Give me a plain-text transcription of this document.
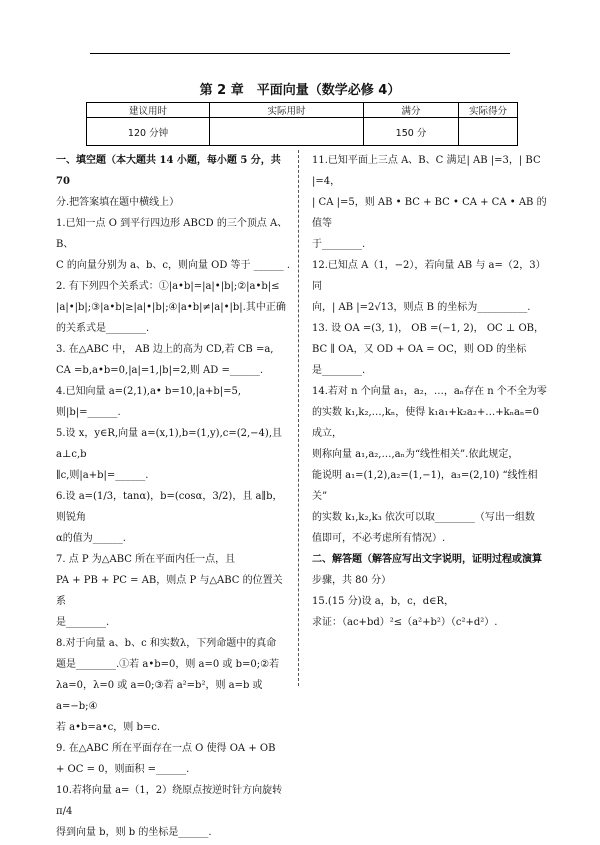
第 2 章　平面向量（数学必修 4）
建议用时	实际用时	满分	实际得分
120 分钟		150 分	

一、填空题（本大题共 14 小题，每小题 5 分，共 70

分.把答案填在题中横线上）

1.已知一点 O 到平行四边形 ABCD 的三个顶点 A、B、

C 的向量分别为 a、b、c，则向量 OD 等于 ______ .

2. 有下列四个关系式：①|a•b|=|a|•|b|;②|a•b|≤

|a|•|b|;③|a•b|≥|a|•|b|;④|a•b|≠|a|•|b|.其中正确

的关系式是________.

3. 在△ABC 中， AB 边上的高为 CD,若 CB =a,

CA =b,a•b=0,|a|=1,|b|=2,则 AD =______.

4.已知向量 a=(2,1),a• b=10,|a+b|=5,则|b|=______.

5.设 x，y∈R,向量 a=(x,1),b=(1,y),c=(2,−4),且 a⊥c,b

∥c,则|a+b|=______.

6.设 a=(1/3，tanα)，b=(cosα，3/2)，且 a∥b，则锐角

α的值为______.

7. 点 P 为△ABC 所在平面内任一点，且

PA + PB + PC = AB，则点 P 与△ABC 的位置关系

是________.

8.对于向量 a、b、c 和实数λ，下列命题中的真命

题是________.①若 a•b=0，则 a=0 或 b=0;②若

λa=0，λ=0 或 a=0;③若 a²=b²，则 a=b 或 a=−b;④

若 a•b=a•c，则 b=c.

9. 在△ABC 所在平面存在一点 O 使得 OA + OB

+ OC = 0，则面积 =______.

10.若将向量 a=（1，2）绕原点按逆时针方向旋转 π/4

得到向量 b，则 b 的坐标是______.

11.已知平面上三点 A、B、C 满足| AB |=3，| BC |=4，

| CA |=5，则 AB • BC + BC • CA + CA • AB 的值等

于________.

12.已知点 A（1，−2），若向量 AB 与 a=（2，3）同

向，| AB |=2√13，则点 B 的坐标为__________.

13. 设 OA =(3, 1)， OB =(−1, 2)， OC ⊥ OB，

BC ∥ OA，又 OD + OA = OC，则 OD 的坐标

是________.

14.若对 n 个向量 a₁，a₂，…，aₙ存在 n 个不全为零

的实数 k₁,k₂,…,kₙ，使得 k₁a₁+k₂a₂+…+kₙaₙ=0 成立，

则称向量 a₁,a₂,…,aₙ为“线性相关”.依此规定，

能说明 a₁=(1,2),a₂=(1,−1)，a₃=(2,10) “线性相关”

的实数 k₁,k₂,k₃ 依次可以取________（写出一组数

值即可，不必考虑所有情况）.

二、解答题（解答应写出文字说明，证明过程或演算

步骤，共 80 分）

15.(15 分)设 a，b，c，d∈R，

求证：（ac+bd）²≤（a²+b²）（c²+d²）.
